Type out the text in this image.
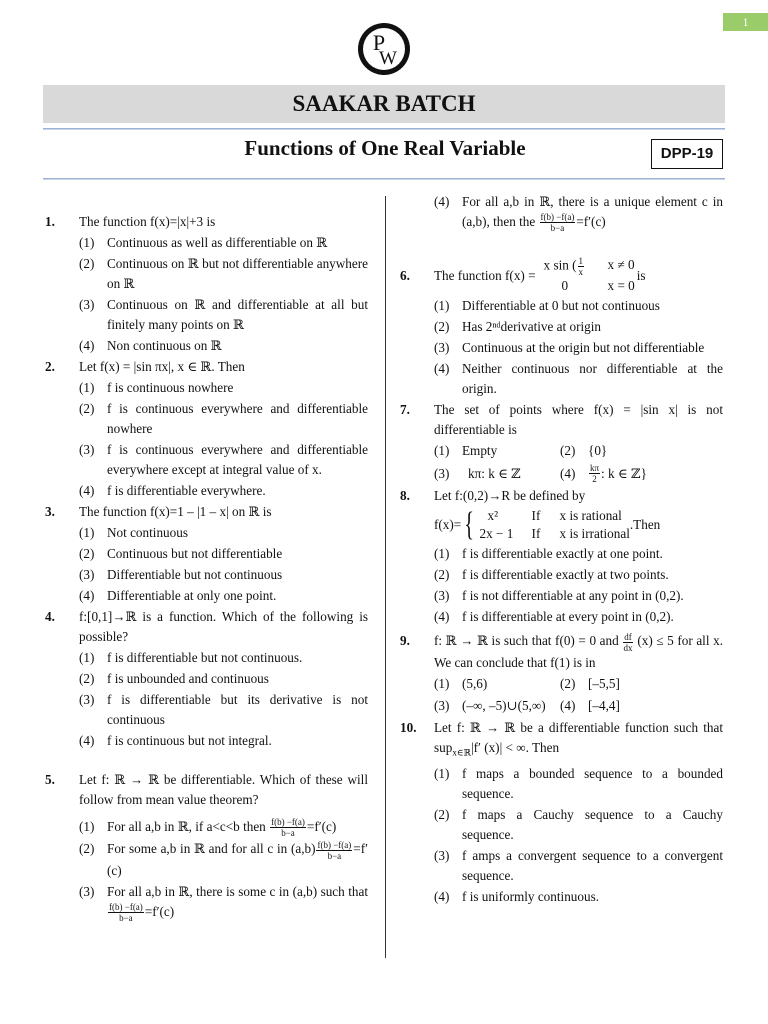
1
P
W
SAAKAR BATCH
Functions of One Real Variable	DPP-19
1.	The function f(x)=|x|+3 is
(1) Continuous as well as differentiable on ℝ
(2) Continuous on ℝ but not differentiable anywhere on ℝ
(3) Continuous on ℝ and differentiable at all but finitely many points on ℝ
(4) Non continuous on ℝ
2.	Let f(x) = |sin πx|, x ∈ ℝ. Then
(1) f is continuous nowhere
(2) f is continuous everywhere and differentiable nowhere
(3) f is continuous everywhere and differentiable everywhere except at integral value of x.
(4) f is differentiable everywhere.
3.	The function f(x)=1 – |1 – x| on ℝ is
(1) Not continuous
(2) Continuous but not differentiable
(3) Differentiable but not continuous
(4) Differentiable at only one point.
4.	f:[0,1]→ℝ is a function. Which of the following is possible?
(1) f is differentiable but not continuous.
(2) f is unbounded and continuous
(3) f is differentiable but its derivative is not continuous
(4) f is continuous but not integral.
5.	Let f: ℝ → ℝ be differentiable. Which of these will follow from mean value theorem?
(1) For all a,b in ℝ, if a<c<b then $\frac{f(b) -f(a)}{b-a} =f'(c)$
(2) For some a,b in ℝ and for all c in $(a,b) \frac{f(b) -f(a)}{b-a} =f'(c)$
(3) For all a,b in ℝ, there is some c in (a,b) such that
$\frac{f(b) -f(a)}{b-a} =f'(c)$
(4) For all a,b in ℝ, there is a unique element c in (a,b), then the $\frac{f(b) -f(a)}{b-a} =f'(c)$
6.	The function f(x) =
x sin ( $\frac{1}{x}$ x ≠ 0
0	x = 0
is
(1) Differentiable at 0 but not continuous
(2) Has 2ⁿᵈderivative at origin
(3) Continuous at the origin but not differentiable
(4) Neither continuous nor differentiable at the origin.
7.	The set of points where f(x) = |sin x| is not differentiable is
(1) Empty	(2) {0}
(3)	kπ: k ∈ ℤ	(4)	$\frac{k\pi}{2}$ : k ∈ ℤ}
8.	Let f:(0,2)→R be defined by
f(x)= {	x²	If	x is rational
2x − 1	If	x is irrational
.Then
(1) f is differentiable exactly at one point.
(2) f is differentiable exactly at two points.
(3) f is not differentiable at any point in (0,2).
(4) f is differentiable at every point in (0,2).
9.	f: ℝ → ℝ is such that f(0) = 0 and $\frac{df}{dx} (x) \le 5$ for all x. We can conclude that f(1) is in
(1) (5,6)	(2) [–5,5]
(3) (–∞, –5)∪(5,∞) (4) [–4,4]
10.	Let f: ℝ → ℝ be a differentiable function such that sup$_{x\in ℝ}$|f′ (x)| < ∞. Then
(1) f maps a bounded sequence to a bounded sequence.
(2) f maps a Cauchy sequence to a Cauchy sequence.
(3) f amps a convergent sequence to a convergent sequence.
(4) f is uniformly continuous.
